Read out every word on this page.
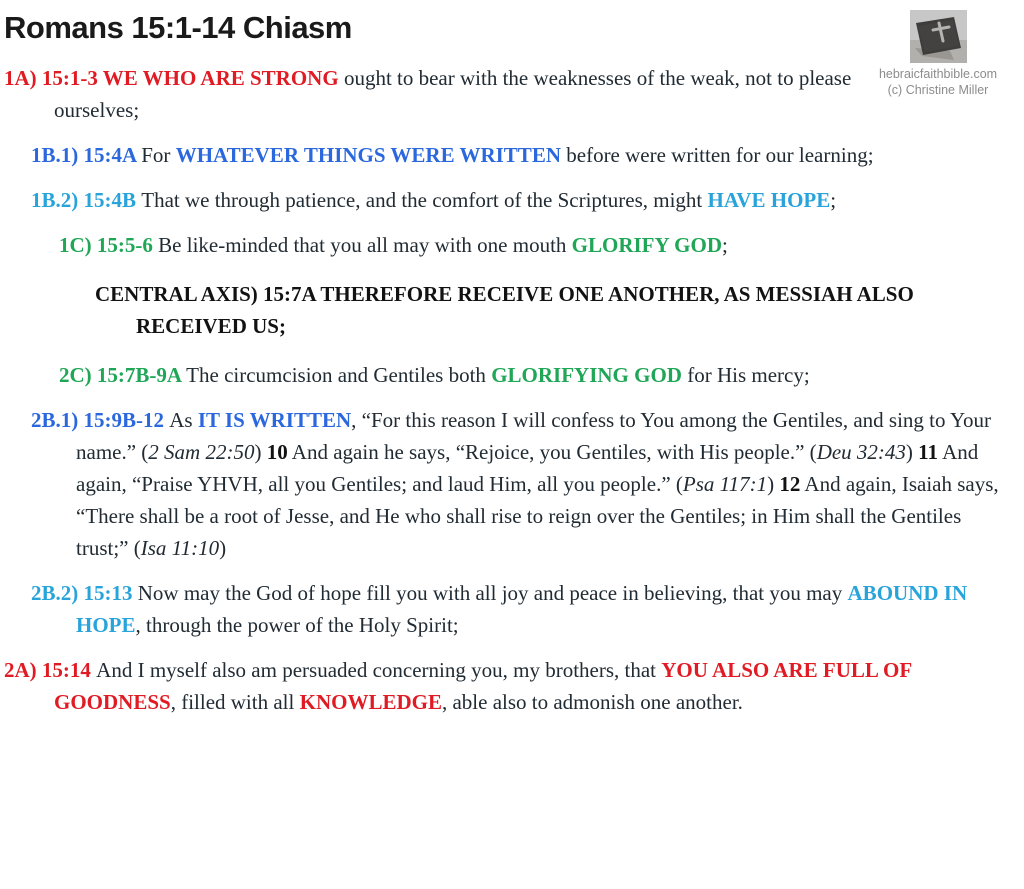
hebraicfaithbible.com
(c) Christine Miller
Romans 15:1-14 Chiasm

1A) 15:1-3 WE WHO ARE STRONG ought to bear with the weaknesses of the weak, not to please ourselves;

1B.1) 15:4A For WHATEVER THINGS WERE WRITTEN before were written for our learning;

1B.2) 15:4B That we through patience, and the comfort of the Scriptures, might HAVE HOPE;

1C) 15:5-6 Be like-minded that you all may with one mouth GLORIFY GOD;

CENTRAL AXIS) 15:7A THEREFORE RECEIVE ONE ANOTHER, AS MESSIAH ALSO RECEIVED US;

2C) 15:7B-9A The circumcision and Gentiles both GLORIFYING GOD for His mercy;

2B.1) 15:9B-12 As IT IS WRITTEN, “For this reason I will confess to You among the Gentiles, and sing to Your name.” (2 Sam 22:50) 10 And again he says, “Rejoice, you Gentiles, with His people.” (Deu 32:43) 11 And again, “Praise YHVH, all you Gentiles; and laud Him, all you people.” (Psa 117:1) 12 And again, Isaiah says, “There shall be a root of Jesse, and He who shall rise to reign over the Gentiles; in Him shall the Gentiles trust;” (Isa 11:10)

2B.2) 15:13 Now may the God of hope fill you with all joy and peace in believing, that you may ABOUND IN HOPE, through the power of the Holy Spirit;

2A) 15:14 And I myself also am persuaded concerning you, my brothers, that YOU ALSO ARE FULL OF GOODNESS, filled with all KNOWLEDGE, able also to admonish one another.
